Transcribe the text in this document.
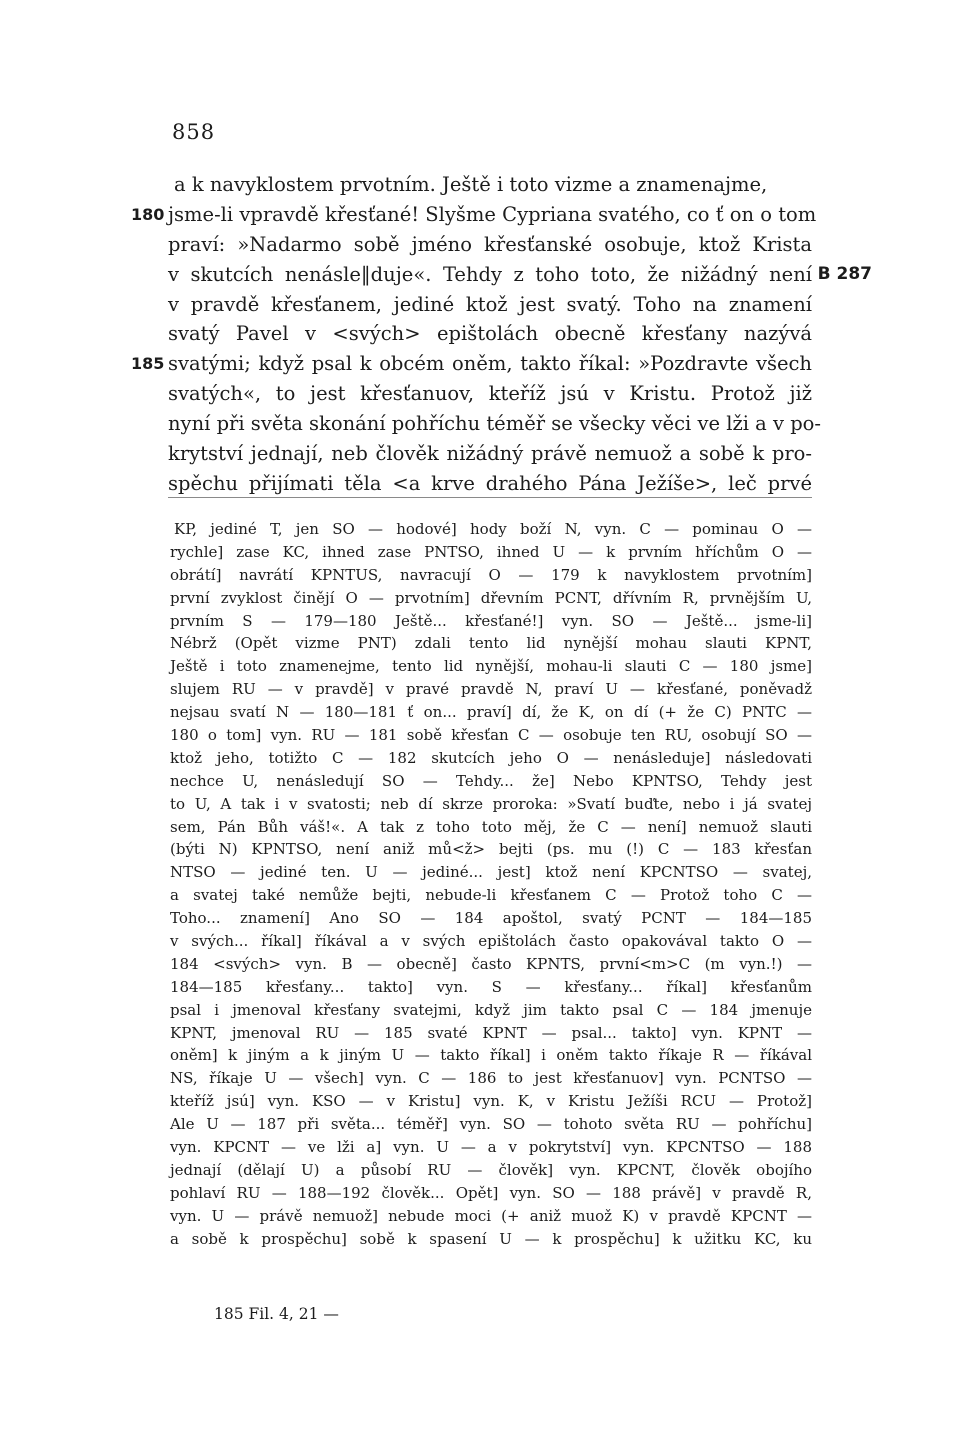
858
a k navyklostem prvotním. Ještě i toto vizme a znamenajme,
180 jsme-li vpravdě křesťané! Slyšme Cypriana svatého, co ť on o tom
praví: »Nadarmo sobě jméno křesťanské osobuje, ktož Krista
v skutcích nenásle‖duje«. Tehdy z toho toto, že nižádný není B 287
v pravdě křesťanem, jediné ktož jest svatý. Toho na znamení
svatý Pavel v <svých> epištolách obecně křesťany nazývá
185 svatými; když psal k obcém oněm, takto říkal: »Pozdravte všech
svatých«, to jest křesťanuov, kteříž jsú v Kristu. Protož již
nyní při světa skonání pohříchu téměř se všecky věci ve lži a v po-
krytství jednají, neb člověk nižádný právě nemuož a sobě k pro-
spěchu přijímati těla <a krve drahého Pána Ježíše>, leč prvé
KP, jediné T, jen SO — hodové] hody boží N, vyn. C — pominau O —
rychle] zase KC, ihned zase PNTSO, ihned U — k prvním hříchům O —
obrátí] navrátí KPNTUS, navracují O — 179 k navyklostem prvotním]
první zvyklost činějí O — prvotním] dřevním PCNT, dřívním R, prvnějším U,
prvním S — 179—180 Ještě... křesťané!] vyn. SO — Ještě... jsme-li]
Nébrž (Opět vizme PNT) zdali tento lid nynější mohau slauti KPNT,
Ještě i toto znamenejme, tento lid nynější, mohau-li slauti C — 180 jsme]
slujem RU — v pravdě] v pravé pravdě N, praví U — křesťané, poněvadž
nejsau svatí N — 180—181 ť on... praví] dí, že K, on dí (+ že C) PNTC —
180 o tom] vyn. RU — 181 sobě křesťan C — osobuje ten RU, osobují SO —
ktož jeho, totižto C — 182 skutcích jeho O — nenásleduje] následovati
nechce U, nenásledují SO — Tehdy... že] Nebo KPNTSO, Tehdy jest
to U, A tak i v svatosti; neb dí skrze proroka: »Svatí buďte, nebo i já svatej
sem, Pán Bůh váš!«. A tak z toho toto měj, že C — není] nemuož slauti
(býti N) KPNTSO, není aniž mů<ž> bejti (ps. mu (!) C — 183 křesťan
NTSO — jediné ten. U — jediné... jest] ktož není KPCNTSO — svatej,
a svatej také nemůže bejti, nebude-li křesťanem C — Protož toho C —
Toho... znamení] Ano SO — 184 apoštol, svatý PCNT — 184—185
v svých... říkal] říkával a v svých epištolách často opakovával takto O —
184 <svých> vyn. B — obecně] často KPNTS, první<m>C (m vyn.!) —
184—185 křesťany... takto] vyn. S — křesťany... říkal] křesťanům
psal i jmenoval křesťany svatejmi, když jim takto psal C — 184 jmenuje
KPNT, jmenoval RU — 185 svaté KPNT — psal... takto] vyn. KPNT —
oněm] k jiným a k jiným U — takto říkal] i oněm takto říkaje R — říkával
NS, říkaje U — všech] vyn. C — 186 to jest křesťanuov] vyn. PCNTSO —
kteříž jsú] vyn. KSO — v Kristu] vyn. K, v Kristu Ježíši RCU — Protož]
Ale U — 187 při světa... téměř] vyn. SO — tohoto světa RU — pohříchu]
vyn. KPCNT — ve lži a] vyn. U — a v pokrytství] vyn. KPCNTSO — 188
jednají (dělají U) a působí RU — člověk] vyn. KPCNT, člověk obojího
pohlaví RU — 188—192 člověk... Opět] vyn. SO — 188 právě] v pravdě R,
vyn. U — právě nemuož] nebude moci (+ aniž muož K) v pravdě KPCNT —
a sobě k prospěchu] sobě k spasení U — k prospěchu] k užitku KC, ku
185 Fil. 4, 21 —
